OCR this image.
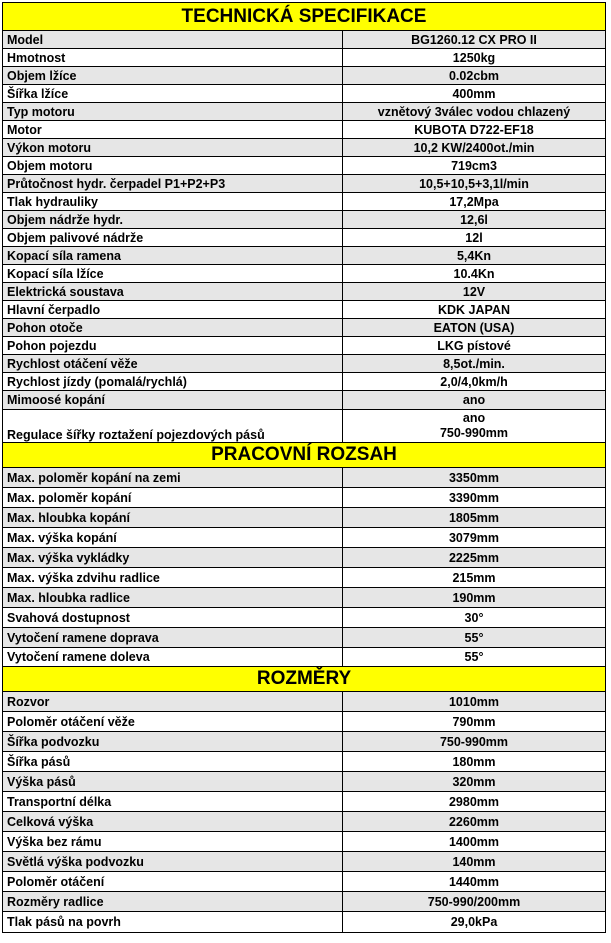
TECHNICKÁ SPECIFIKACE	
Model	BG1260.12 CX PRO II
Hmotnost	1250kg
Objem lžíce	0.02cbm
Šířka lžíce	400mm
Typ motoru	vznětový 3válec vodou chlazený
Motor	KUBOTA D722-EF18
Výkon motoru	10,2 KW/2400ot./min
Objem motoru	719cm3
Průtočnost hydr. čerpadel P1+P2+P3	10,5+10,5+3,1l/min
Tlak hydrauliky	17,2Mpa
Objem nádrže hydr.	12,6l
Objem palivové nádrže	12l
Kopací síla ramena	5,4Kn
Kopací síla lžíce	10.4Kn
Elektrická soustava	12V
Hlavní čerpadlo	KDK JAPAN
Pohon otoče	EATON (USA)
Pohon pojezdu	LKG pístové
Rychlost otáčení věže	8,5ot./min.
Rychlost jízdy (pomalá/rychlá)	2,0/4,0km/h
Mimoosé kopání	ano
Regulace šířky roztažení pojezdových pásů	ano
750-990mm

PRACOVNÍ ROZSAH	
Max. poloměr kopání na zemi	3350mm
Max. poloměr kopání	3390mm
Max. hloubka kopání	1805mm
Max. výška kopání	3079mm
Max. výška vykládky	2225mm
Max. výška zdvihu radlice	215mm
Max. hloubka radlice	190mm
Svahová dostupnost	30°
Vytočení ramene doprava	55°
Vytočení ramene doleva	55°
ROZMĚRY	
Rozvor	1010mm
Poloměr otáčení věže	790mm
Šířka podvozku	750-990mm
Šířka pásů	180mm
Výška pásů	320mm
Transportní délka	2980mm
Celková výška	2260mm
Výška bez rámu	1400mm
Světlá výška podvozku	140mm
Poloměr otáčení	1440mm
Rozměry radlice	750-990/200mm
Tlak pásů na povrh	29,0kPa
